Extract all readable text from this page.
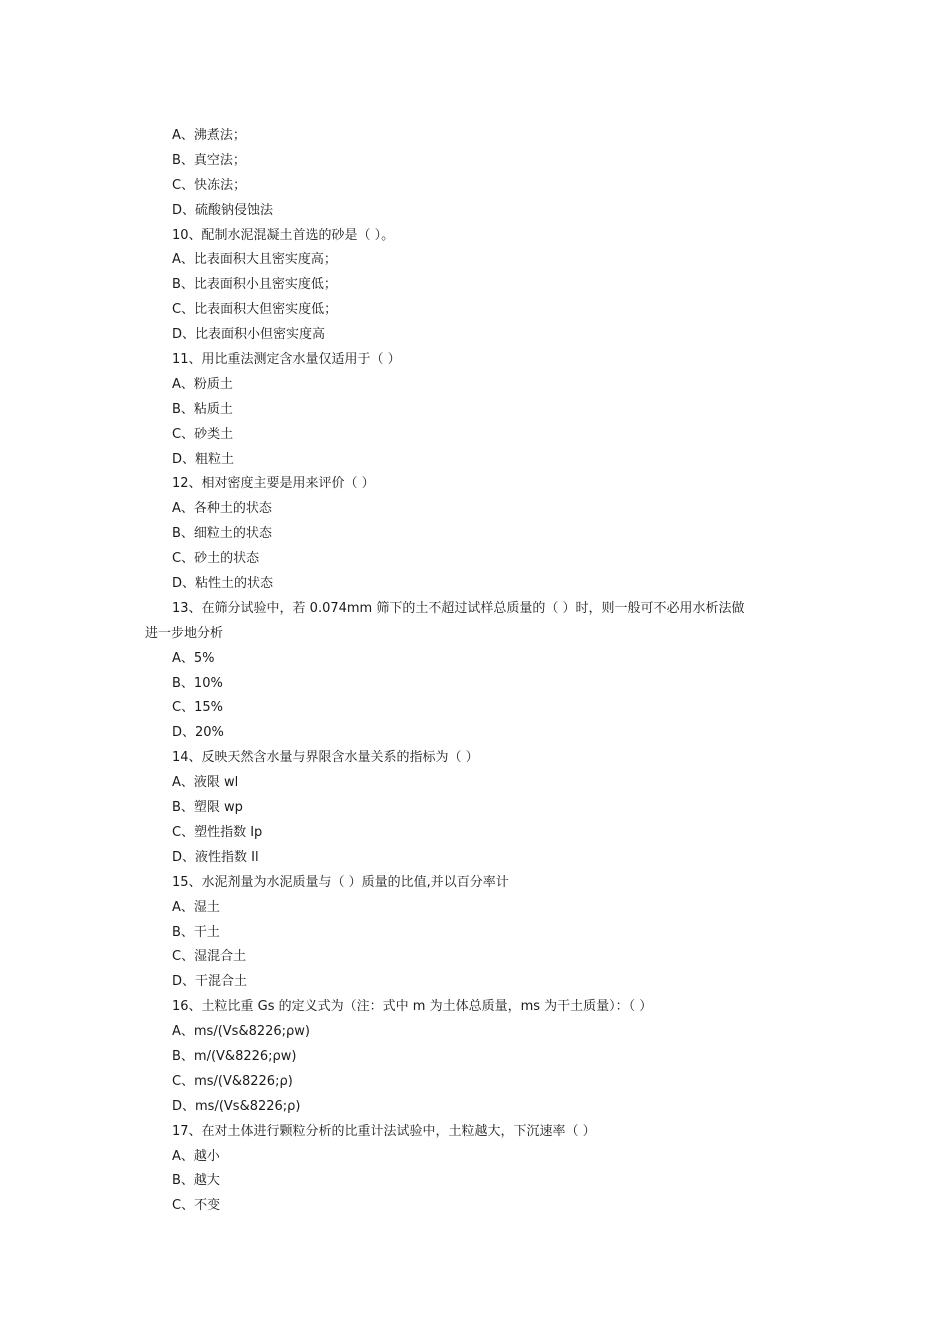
A、沸煮法；
B、真空法；
C、快冻法；
D、硫酸钠侵蚀法
10、配制水泥混凝土首选的砂是（ ）。
A、比表面积大且密实度高；
B、比表面积小且密实度低；
C、比表面积大但密实度低；
D、比表面积小但密实度高
11、用比重法测定含水量仅适用于（ ）
A、粉质土
B、粘质土
C、砂类土
D、粗粒土
12、相对密度主要是用来评价（ ）
A、各种土的状态
B、细粒土的状态
C、砂土的状态
D、粘性土的状态
13、在筛分试验中，若 0.074mm 筛下的土不超过试样总质量的（ ）时，则一般可不必用水析法做
进一步地分析
A、5%
B、10%
C、15%
D、20%
14、反映天然含水量与界限含水量关系的指标为（ ）
A、液限 wl
B、塑限 wp
C、塑性指数 Ip
D、液性指数 Il
15、水泥剂量为水泥质量与（ ）质量的比值,并以百分率计
A、湿土
B、干土
C、湿混合土
D、干混合土
16、土粒比重 Gs 的定义式为（注：式中 m 为土体总质量，ms 为干土质量）：（ ）
A、ms/(Vs&8226;ρw)
B、m/(V&8226;ρw)
C、ms/(V&8226;ρ)
D、ms/(Vs&8226;ρ)
17、在对土体进行颗粒分析的比重计法试验中，土粒越大，下沉速率（ ）
A、越小
B、越大
C、不变
